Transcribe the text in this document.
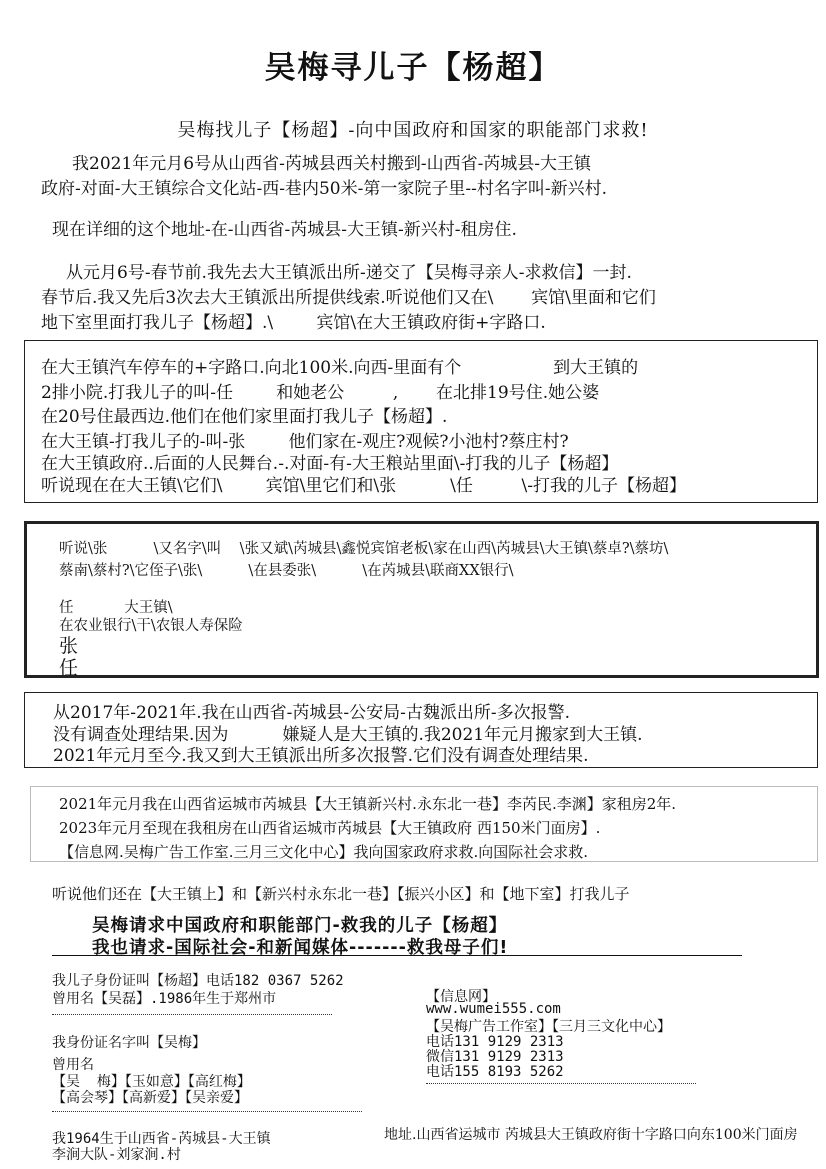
吴梅寻儿子【杨超】
吴梅找儿子【杨超】-向中国政府和国家的职能部门求救!
我2021年元月6号从山西省-芮城县西关村搬到-山西省-芮城县-大王镇
政府-对面-大王镇综合文化站-西-巷内50米-第一家院子里--村名字叫-新兴村.
现在详细的这个地址-在-山西省-芮城县-大王镇-新兴村-租房住.
从元月6号-春节前.我先去大王镇派出所-递交了【吴梅寻亲人-求救信】一封.
春节后.我又先后3次去大王镇派出所提供线索.听说他们又在\       宾馆\里面和它们
地下室里面打我儿子【杨超】.\        宾馆\在大王镇政府街+字路口.
在大王镇汽车停车的+字路口.向北100米.向西-里面有个                 到大王镇的
2排小院.打我儿子的叫-任        和她老公         ,       在北排19号住.她公婆
在20号住最西边.他们在他们家里面打我儿子【杨超】.
在大王镇-打我儿子的-叫-张        他们家在-观庄?观候?小池村?蔡庄村?
在大王镇政府..后面的人民舞台.-.对面-有-大王粮站里面\-打我的儿子【杨超】
听说现在在大王镇\它们\        宾馆\里它们和\张          \任         \-打我的儿子【杨超】
听说\张          \又名字\叫    \张又斌\芮城县\鑫悦宾馆老板\家在山西\芮城县\大王镇\蔡卓?\蔡坊\
蔡南\蔡村?\它侄子\张\          \在县委张\          \在芮城县\联商XX银行\
任           大王镇\
在农业银行\干\农银人寿保险
张
任
从2017年-2021年.我在山西省-芮城县-公安局-古魏派出所-多次报警.
没有调查处理结果.因为          嫌疑人是大王镇的.我2021年元月搬家到大王镇.
2021年元月至今.我又到大王镇派出所多次报警.它们没有调查处理结果.
2021年元月我在山西省运城市芮城县【大王镇新兴村.永东北一巷】李芮民.李渊】家租房2年.
2023年元月至现在我租房在山西省运城市芮城县【大王镇政府 西150米门面房】.
【信息网.吴梅广告工作室.三月三文化中心】我向国家政府求救.向国际社会求救.
听说他们还在【大王镇上】和【新兴村永东北一巷】【振兴小区】和【地下室】打我儿子
吴梅请求中国政府和职能部门-救我的儿子【杨超】
我也请求-国际社会-和新闻媒体-------救我母子们!
我儿子身份证叫【杨超】电话182 0367 5262
曾用名【吴磊】.1986年生于郑州市
我身份证名字叫【吴梅】
曾用名
【吴  梅】【玉如意】【高红梅】
【高会琴】【高新爱】【吴亲爱】
我1964生于山西省-芮城县-大王镇
李涧大队-刘家涧.村
【信息网】
www.wumei555.com
【吴梅广告工作室】【三月三文化中心】
电话131 9129 2313
微信131 9129 2313
电话155 8193 5262
地址.山西省运城市 芮城县大王镇政府街十字路口向东100米门面房
